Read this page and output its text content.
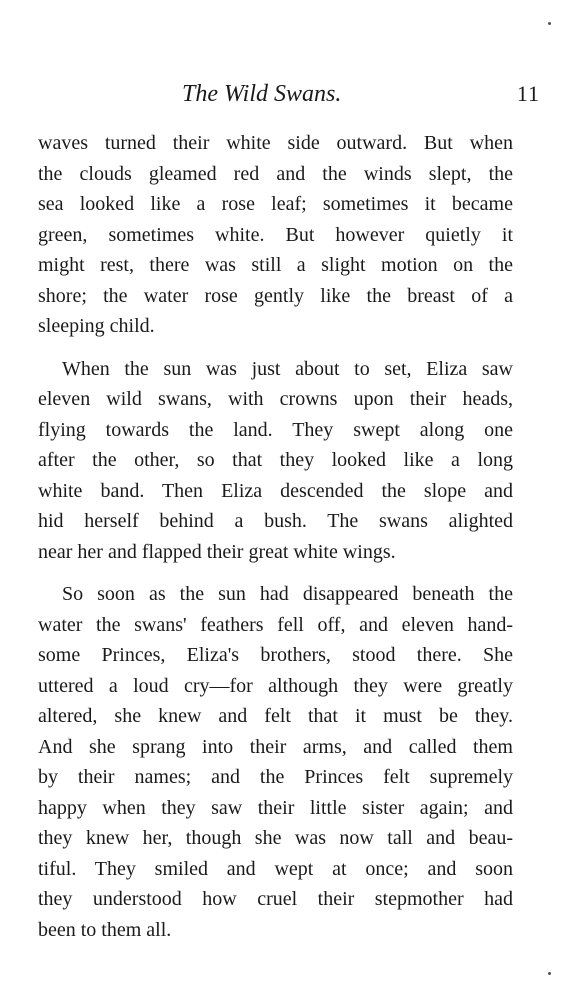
The Wild Swans.	11
waves turned their white side outward. But when
the clouds gleamed red and the winds slept, the
sea looked like a rose leaf; sometimes it became
green, sometimes white. But however quietly it
might rest, there was still a slight motion on the
shore; the water rose gently like the breast of a
sleeping child.
When the sun was just about to set, Eliza saw
eleven wild swans, with crowns upon their heads,
flying towards the land. They swept along one
after the other, so that they looked like a long
white band. Then Eliza descended the slope and
hid herself behind a bush. The swans alighted
near her and flapped their great white wings.
So soon as the sun had disappeared beneath the
water the swans' feathers fell off, and eleven hand-
some Princes, Eliza's brothers, stood there. She
uttered a loud cry—for although they were greatly
altered, she knew and felt that it must be they.
And she sprang into their arms, and called them
by their names; and the Princes felt supremely
happy when they saw their little sister again; and
they knew her, though she was now tall and beau-
tiful. They smiled and wept at once; and soon
they understood how cruel their stepmother had
been to them all.
